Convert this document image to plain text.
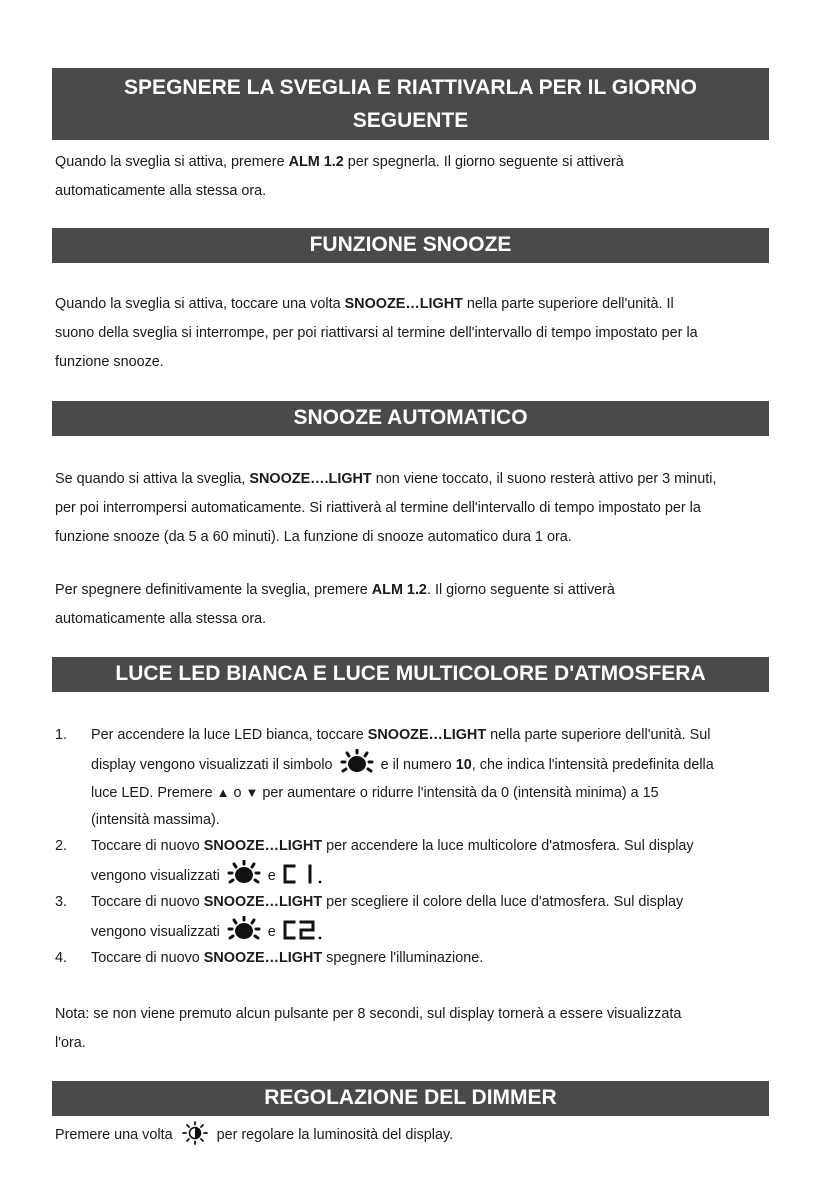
SPEGNERE LA SVEGLIA E RIATTIVARLA PER IL GIORNO
SEGUENTE

Quando la sveglia si attiva, premere ALM 1.2 per spegnerla. Il giorno seguente si attiverà
automaticamente alla stessa ora.

FUNZIONE SNOOZE

Quando la sveglia si attiva, toccare una volta SNOOZE…LIGHT nella parte superiore dell'unità. Il
suono della sveglia si interrompe, per poi riattivarsi al termine dell'intervallo di tempo impostato per la
funzione snooze.

SNOOZE AUTOMATICO

Se quando si attiva la sveglia, SNOOZE….LIGHT non viene toccato, il suono resterà attivo per 3 minuti,
per poi interrompersi automaticamente. Si riattiverà al termine dell'intervallo di tempo impostato per la
funzione snooze (da 5 a 60 minuti). La funzione di snooze automatico dura 1 ora.

Per spegnere definitivamente la sveglia, premere ALM 1.2. Il giorno seguente si attiverà
automaticamente alla stessa ora.

LUCE LED BIANCA E LUCE MULTICOLORE D'ATMOSFERA
1.	Per accendere la luce LED bianca, toccare SNOOZE…LIGHT nella parte superiore dell'unità. Sul
display vengono visualizzati il simbolo	e il numero 10, che indica l'intensità predefinita della
luce LED. Premere ▲ o ▼ per aumentare o ridurre l'intensità da 0 (intensità minima) a 15
(intensità massima).
2.	Toccare di nuovo SNOOZE…LIGHT per accendere la luce multicolore d'atmosfera. Sul display
vengono visualizzati	e
3.	Toccare di nuovo SNOOZE…LIGHT per scegliere il colore della luce d'atmosfera. Sul display
vengono visualizzati	e
4.	Toccare di nuovo SNOOZE…LIGHT spegnere l'illuminazione.

Nota: se non viene premuto alcun pulsante per 8 secondi, sul display tornerà a essere visualizzata
l'ora.

REGOLAZIONE DEL DIMMER

Premere una volta	per regolare la luminosità del display.
